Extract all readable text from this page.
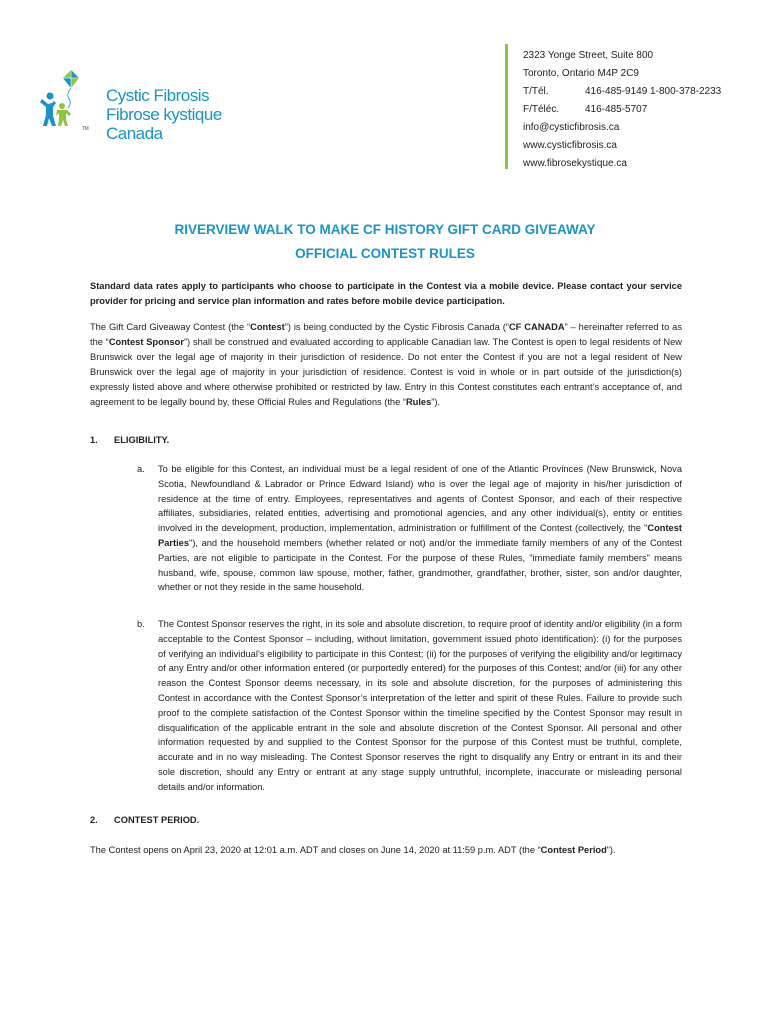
Cystic Fibrosis
Fibrose kystique
Canada
TM
2323 Yonge Street, Suite 800
Toronto, Ontario M4P 2C9
T/Tél.	416-485-9149 1-800-378-2233
F/Téléc.	416-485-5707
info@cysticfibrosis.ca
www.cysticfibrosis.ca
www.fibrosekystique.ca
RIVERVIEW WALK TO MAKE CF HISTORY GIFT CARD GIVEAWAY
OFFICIAL CONTEST RULES
Standard data rates apply to participants who choose to participate in the Contest via a mobile device. Please contact your service provider for pricing and service plan information and rates before mobile device participation.
The Gift Card Giveaway Contest (the “Contest”) is being conducted by the Cystic Fibrosis Canada (“CF CANADA” – hereinafter referred to as the “Contest Sponsor”) shall be construed and evaluated according to applicable Canadian law. The Contest is open to legal residents of New Brunswick over the legal age of majority in their jurisdiction of residence. Do not enter the Contest if you are not a legal resident of New Brunswick over the legal age of majority in your jurisdiction of residence. Contest is void in whole or in part outside of the jurisdiction(s) expressly listed above and where otherwise prohibited or restricted by law. Entry in this Contest constitutes each entrant’s acceptance of, and agreement to be legally bound by, these Official Rules and Regulations (the “Rules”).
1. ELIGIBILITY.
a. To be eligible for this Contest, an individual must be a legal resident of one of the Atlantic Provinces (New Brunswick, Nova Scotia, Newfoundland & Labrador or Prince Edward Island) who is over the legal age of majority in his/her jurisdiction of residence at the time of entry. Employees, representatives and agents of Contest Sponsor, and each of their respective affiliates, subsidiaries, related entities, advertising and promotional agencies, and any other individual(s), entity or entities involved in the development, production, implementation, administration or fulfillment of the Contest (collectively, the "Contest Parties"), and the household members (whether related or not) and/or the immediate family members of any of the Contest Parties, are not eligible to participate in the Contest. For the purpose of these Rules, "immediate family members" means husband, wife, spouse, common law spouse, mother, father, grandmother, grandfather, brother, sister, son and/or daughter, whether or not they reside in the same household.
b. The Contest Sponsor reserves the right, in its sole and absolute discretion, to require proof of identity and/or eligibility (in a form acceptable to the Contest Sponsor – including, without limitation, government issued photo identification): (i) for the purposes of verifying an individual’s eligibility to participate in this Contest; (ii) for the purposes of verifying the eligibility and/or legitimacy of any Entry and/or other information entered (or purportedly entered) for the purposes of this Contest; and/or (iii) for any other reason the Contest Sponsor deems necessary, in its sole and absolute discretion, for the purposes of administering this Contest in accordance with the Contest Sponsor’s interpretation of the letter and spirit of these Rules. Failure to provide such proof to the complete satisfaction of the Contest Sponsor within the timeline specified by the Contest Sponsor may result in disqualification of the applicable entrant in the sole and absolute discretion of the Contest Sponsor. All personal and other information requested by and supplied to the Contest Sponsor for the purpose of this Contest must be truthful, complete, accurate and in no way misleading. The Contest Sponsor reserves the right to disqualify any Entry or entrant in its and their sole discretion, should any Entry or entrant at any stage supply untruthful, incomplete, inaccurate or misleading personal details and/or information.
2. CONTEST PERIOD.
The Contest opens on April 23, 2020 at 12:01 a.m. ADT and closes on June 14, 2020 at 11:59 p.m. ADT (the “Contest Period”).
